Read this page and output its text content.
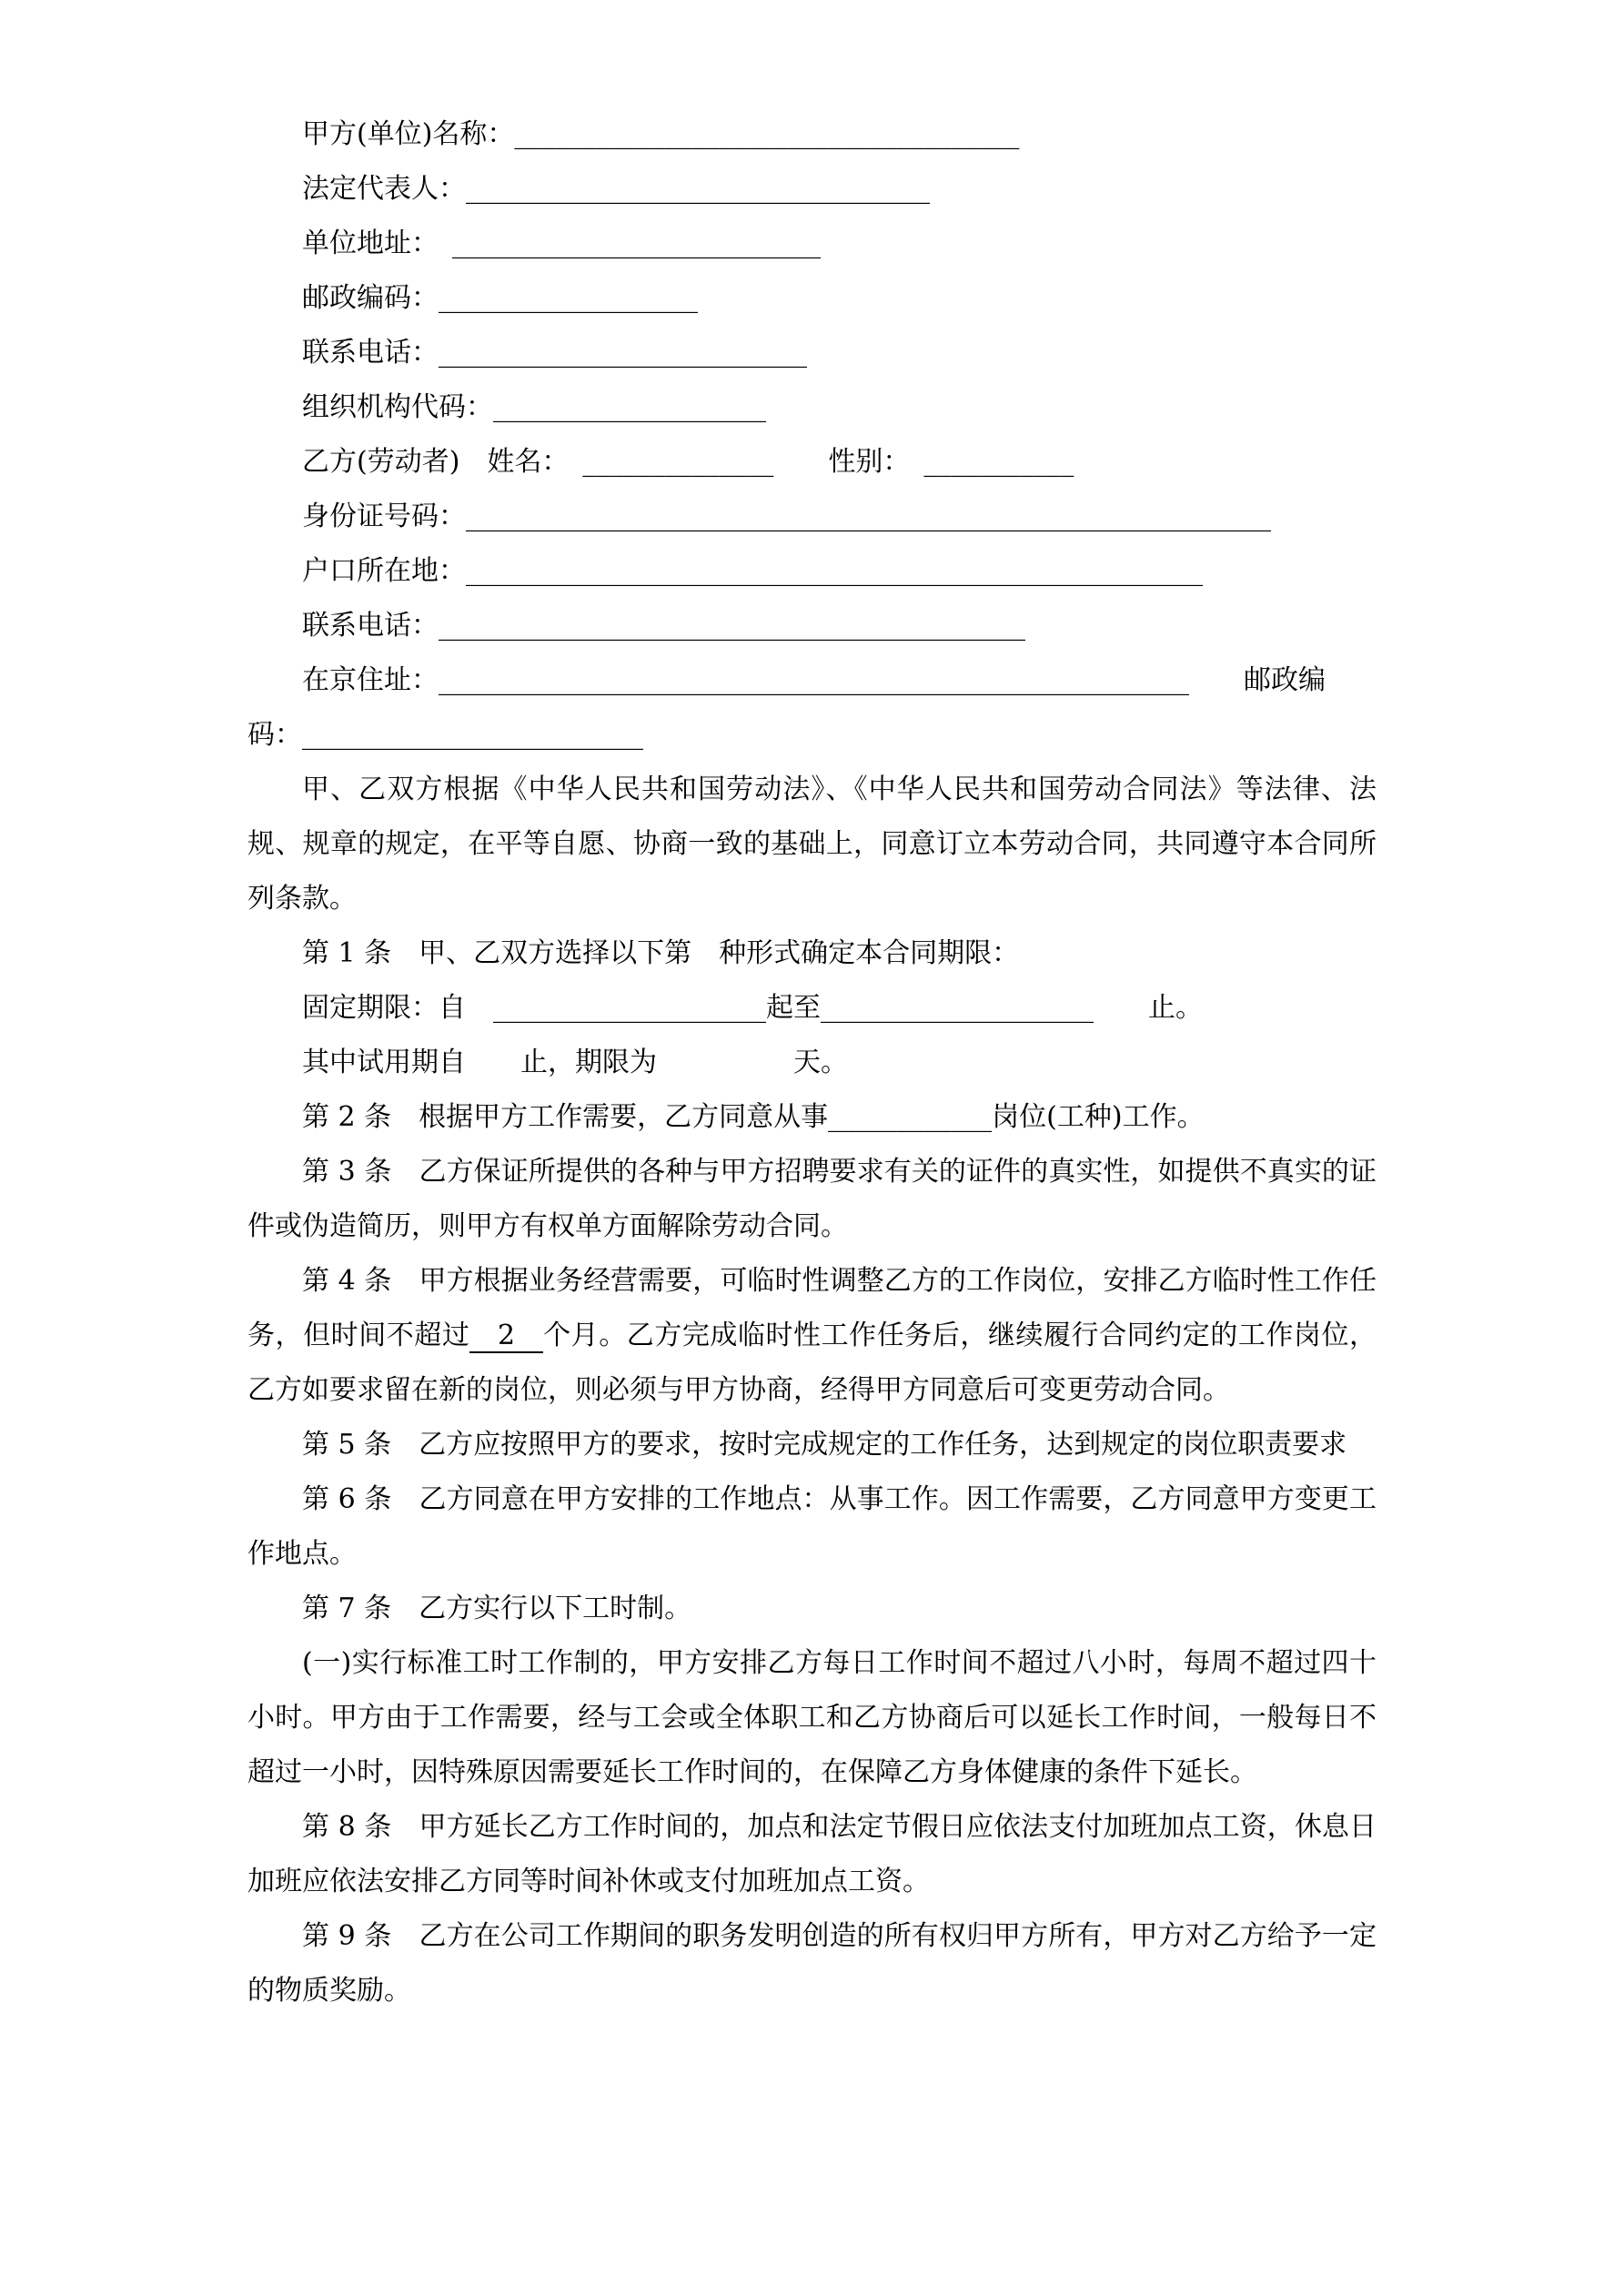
甲方(单位)名称：_____________________________________

法定代表人：__________________________________

单位地址：　___________________________

邮政编码：___________________

联系电话：___________________________

组织机构代码：____________________

乙方(劳动者)　姓名：　______________　　性别：　___________

身份证号码：___________________________________________________________

户口所在地：______________________________________________________

联系电话：___________________________________________

在京住址：_______________________________________________________　　邮政编

码：_________________________

甲、乙双方根据《中华人民共和国劳动法》、《中华人民共和国劳动合同法》等法律、法规、规章的规定，在平等自愿、协商一致的基础上，同意订立本劳动合同，共同遵守本合同所列条款。

第 1 条　甲、乙双方选择以下第　种形式确定本合同期限：

固定期限：自　____________________起至____________________　　止。

其中试用期自　　止，期限为　　　　　天。

第 2 条　根据甲方工作需要，乙方同意从事____________岗位(工种)工作。

第 3 条　乙方保证所提供的各种与甲方招聘要求有关的证件的真实性，如提供不真实的证件或伪造简历，则甲方有权单方面解除劳动合同。

第 4 条　甲方根据业务经营需要，可临时性调整乙方的工作岗位，安排乙方临时性工作任务，但时间不超过　2　个月。乙方完成临时性工作任务后，继续履行合同约定的工作岗位，乙方如要求留在新的岗位，则必须与甲方协商，经得甲方同意后可变更劳动合同。

第 5 条　乙方应按照甲方的要求，按时完成规定的工作任务，达到规定的岗位职责要求

第 6 条　乙方同意在甲方安排的工作地点：从事工作。因工作需要，乙方同意甲方变更工作地点。

第 7 条　乙方实行以下工时制。

(一)实行标准工时工作制的，甲方安排乙方每日工作时间不超过八小时，每周不超过四十小时。甲方由于工作需要，经与工会或全体职工和乙方协商后可以延长工作时间，一般每日不超过一小时，因特殊原因需要延长工作时间的，在保障乙方身体健康的条件下延长。

第 8 条　甲方延长乙方工作时间的，加点和法定节假日应依法支付加班加点工资，休息日加班应依法安排乙方同等时间补休或支付加班加点工资。

第 9 条　乙方在公司工作期间的职务发明创造的所有权归甲方所有，甲方对乙方给予一定的物质奖励。
